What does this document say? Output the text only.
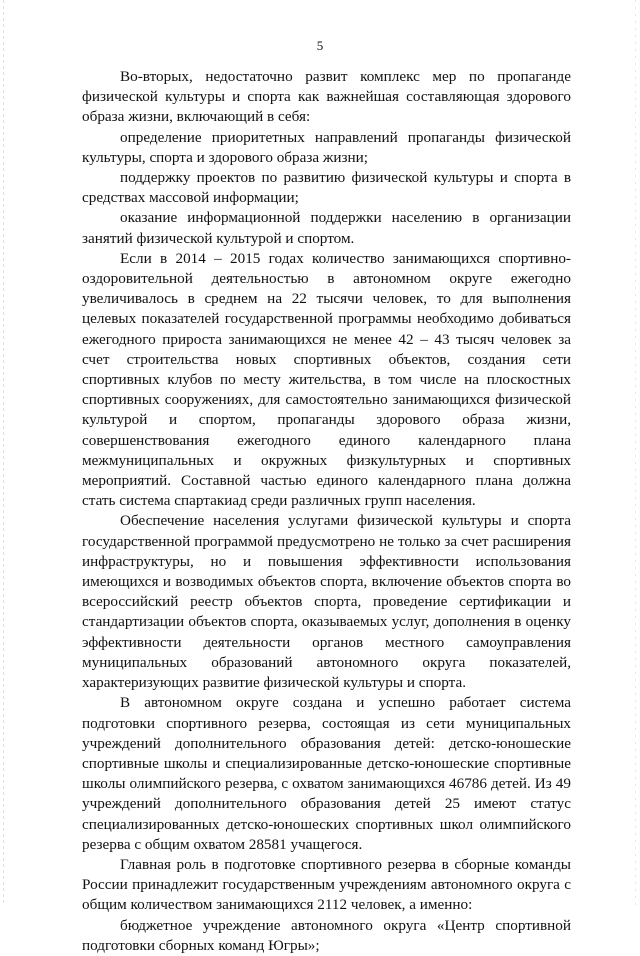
5

Во-вторых, недостаточно развит комплекс мер по пропаганде физической культуры и спорта как важнейшая составляющая здорового образа жизни, включающий в себя:

определение приоритетных направлений пропаганды физической культуры, спорта и здорового образа жизни;

поддержку проектов по развитию физической культуры и спорта в средствах массовой информации;

оказание информационной поддержки населению в организации занятий физической культурой и спортом.

Если в 2014 – 2015 годах количество занимающихся спортивно-оздоровительной деятельностью в автономном округе ежегодно увеличивалось в среднем на 22 тысячи человек, то для выполнения целевых показателей государственной программы необходимо добиваться ежегодного прироста занимающихся не менее 42 – 43 тысяч человек за счет строительства новых спортивных объектов, создания сети спортивных клубов по месту жительства, в том числе на плоскостных спортивных сооружениях, для самостоятельно занимающихся физической культурой и спортом, пропаганды здорового образа жизни, совершенствования ежегодного единого календарного плана межмуниципальных и окружных физкультурных и спортивных мероприятий. Составной частью единого календарного плана должна стать система спартакиад среди различных групп населения.

Обеспечение населения услугами физической культуры и спорта государственной программой предусмотрено не только за счет расширения инфраструктуры, но и повышения эффективности использования имеющихся и возводимых объектов спорта, включение объектов спорта во всероссийский реестр объектов спорта, проведение сертификации и стандартизации объектов спорта, оказываемых услуг, дополнения в оценку эффективности деятельности органов местного самоуправления муниципальных образований автономного округа показателей, характеризующих развитие физической культуры и спорта.

В автономном округе создана и успешно работает система подготовки спортивного резерва, состоящая из сети муниципальных учреждений дополнительного образования детей: детско-юношеские спортивные школы и специализированные детско-юношеские спортивные школы олимпийского резерва, с охватом занимающихся 46786 детей. Из 49 учреждений дополнительного образования детей 25 имеют статус специализированных детско-юношеских спортивных школ олимпийского резерва с общим охватом 28581 учащегося.

Главная роль в подготовке спортивного резерва в сборные команды России принадлежит государственным учреждениям автономного округа с общим количеством занимающихся 2112 человек, а именно:

бюджетное учреждение автономного округа «Центр спортивной подготовки сборных команд Югры»;
